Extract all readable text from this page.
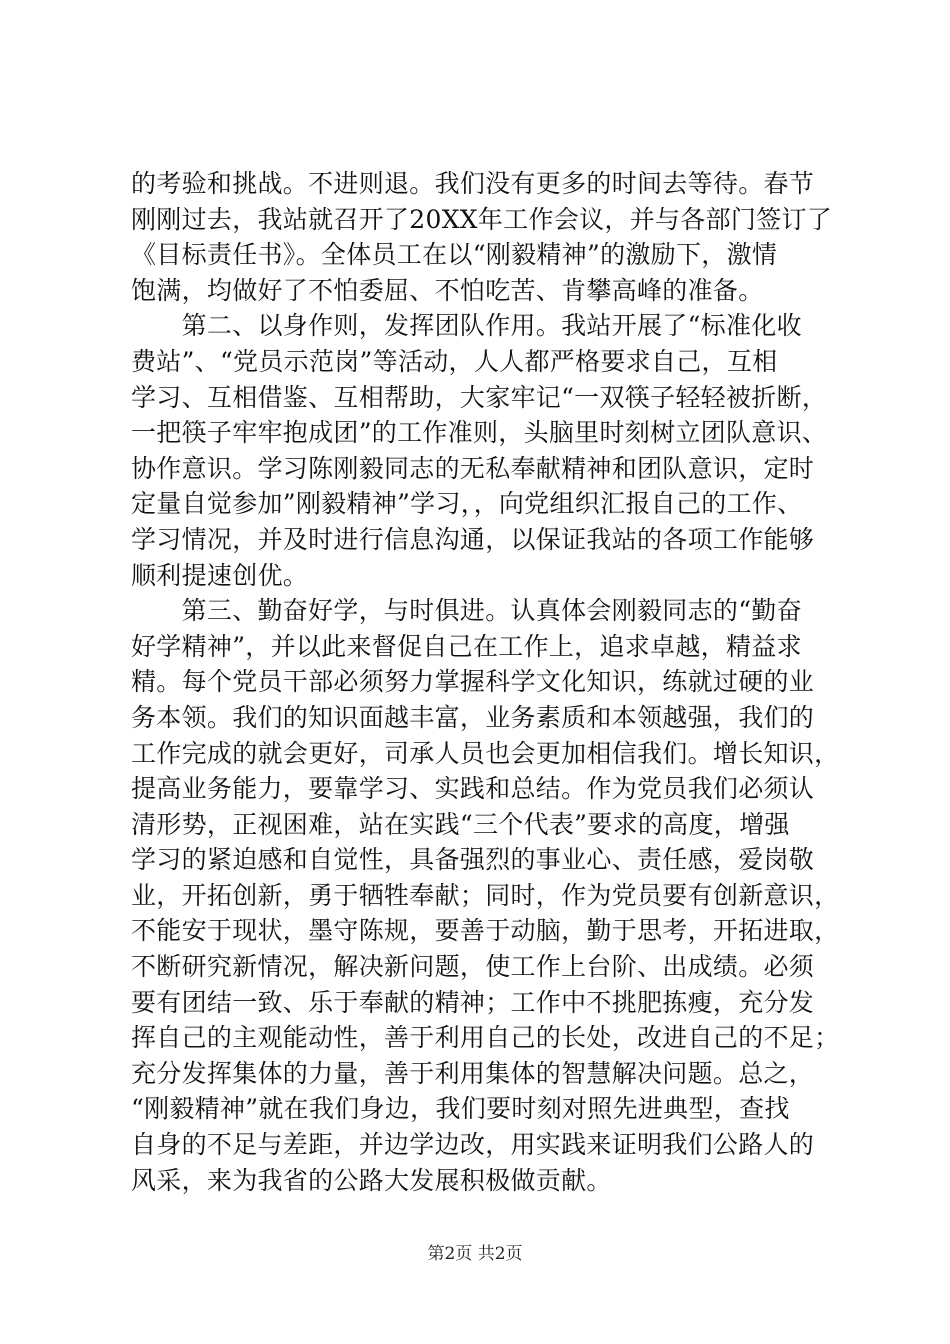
的考验和挑战。不进则退。我们没有更多的时间去等待。春节
刚刚过去，我站就召开了20XX年工作会议，并与各部门签订了
《目标责任书》。全体员工在以“刚毅精神”的激励下，激情
饱满，均做好了不怕委屈、不怕吃苦、肯攀高峰的准备。
　　第二、以身作则，发挥团队作用。我站开展了“标准化收
费站”、“党员示范岗”等活动，人人都严格要求自己，互相
学习、互相借鉴、互相帮助，大家牢记“一双筷子轻轻被折断，
一把筷子牢牢抱成团”的工作准则，头脑里时刻树立团队意识、
协作意识。学习陈刚毅同志的无私奉献精神和团队意识，定时
定量自觉参加”刚毅精神”学习，，向党组织汇报自己的工作、
学习情况，并及时进行信息沟通，以保证我站的各项工作能够
顺利提速创优。
　　第三、勤奋好学，与时俱进。认真体会刚毅同志的“勤奋
好学精神”，并以此来督促自己在工作上，追求卓越，精益求
精。每个党员干部必须努力掌握科学文化知识，练就过硬的业
务本领。我们的知识面越丰富，业务素质和本领越强，我们的
工作完成的就会更好，司承人员也会更加相信我们。增长知识，
提高业务能力，要靠学习、实践和总结。作为党员我们必须认
清形势，正视困难，站在实践“三个代表”要求的高度，增强
学习的紧迫感和自觉性，具备强烈的事业心、责任感，爱岗敬
业，开拓创新，勇于牺牲奉献；同时，作为党员要有创新意识，
不能安于现状，墨守陈规，要善于动脑，勤于思考，开拓进取，
不断研究新情况，解决新问题，使工作上台阶、出成绩。必须
要有团结一致、乐于奉献的精神；工作中不挑肥拣瘦，充分发
挥自己的主观能动性，善于利用自己的长处，改进自己的不足；
充分发挥集体的力量，善于利用集体的智慧解决问题。总之，
“刚毅精神”就在我们身边，我们要时刻对照先进典型，查找
自身的不足与差距，并边学边改，用实践来证明我们公路人的
风采，来为我省的公路大发展积极做贡献。
第2页 共2页
